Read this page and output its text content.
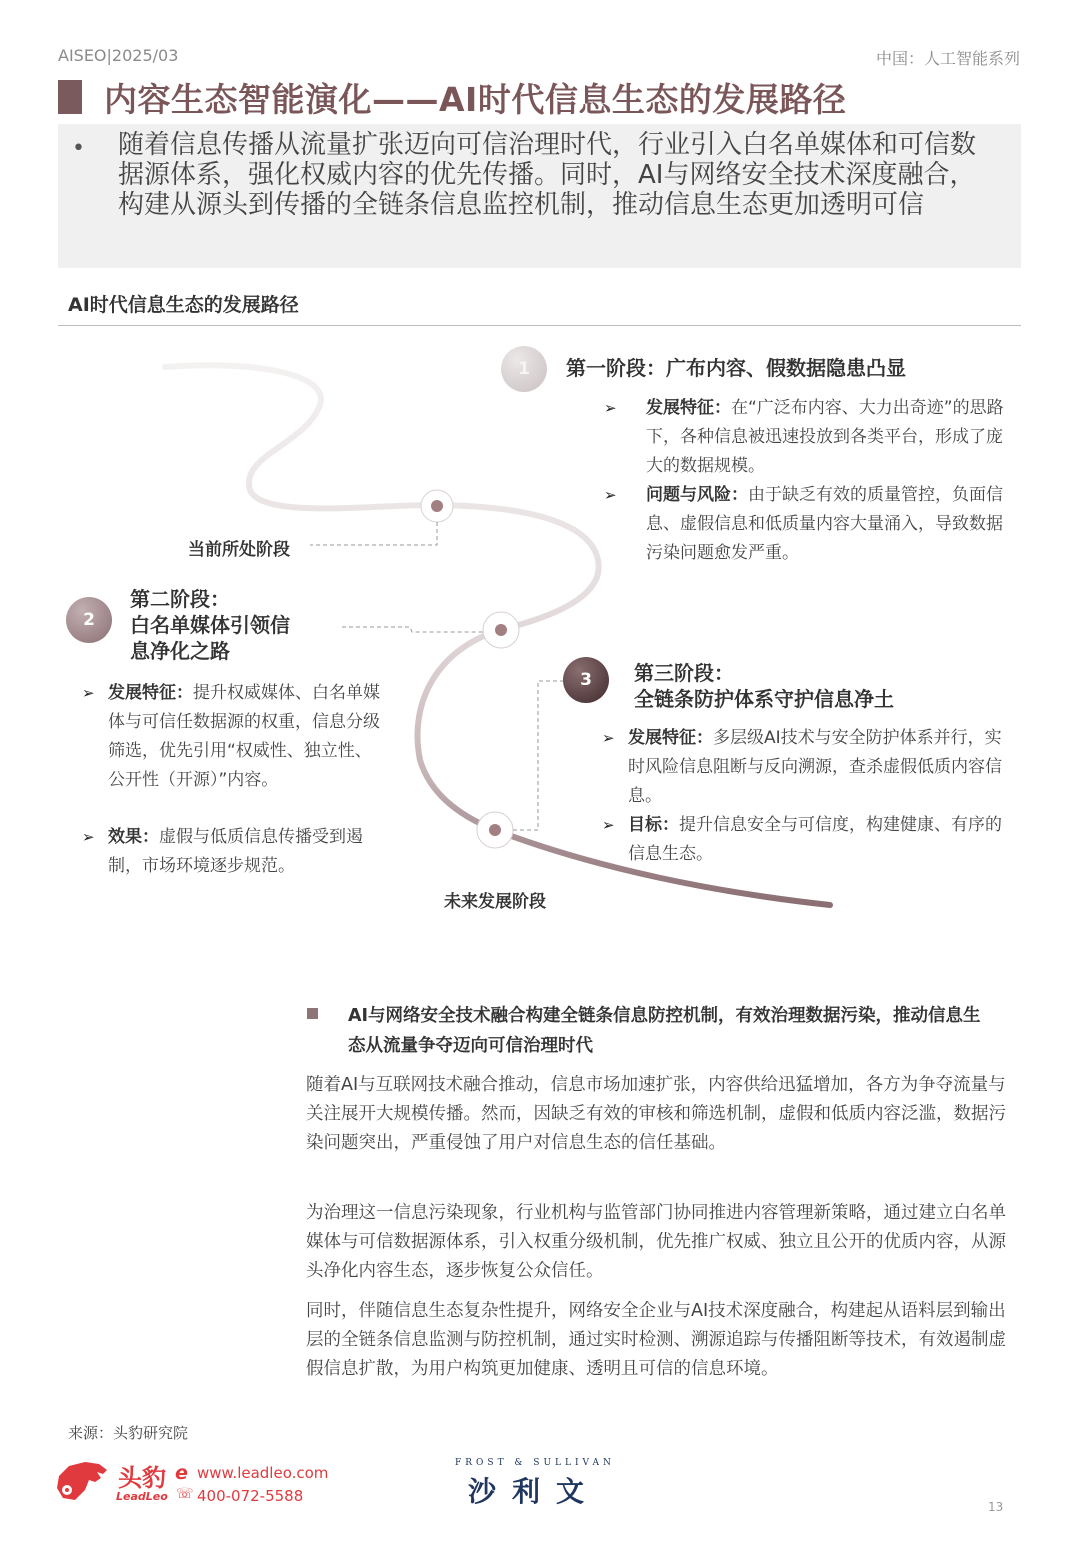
AISEO|2025/03	中国：人工智能系列
内容生态智能演化——AI时代信息生态的发展路径
• 随着信息传播从流量扩张迈向可信治理时代，行业引入白名单媒体和可信数据源体系，强化权威内容的优先传播。同时，AI与网络安全技术深度融合，构建从源头到传播的全链条信息监控机制，推动信息生态更加透明可信
AI时代信息生态的发展路径
当前所处阶段
未来发展阶段
1	第一阶段：广布内容、假数据隐患凸显
➢	发展特征：在“广泛布内容、大力出奇迹”的思路下，各种信息被迅速投放到各类平台，形成了庞大的数据规模。
➢	问题与风险：由于缺乏有效的质量管控，负面信息、虚假信息和低质量内容大量涌入，导致数据污染问题愈发严重。
2
第二阶段：
白名单媒体引领信
息净化之路
➢ 发展特征：提升权威媒体、白名单媒体与可信任数据源的权重，信息分级筛选，优先引用“权威性、独立性、公开性（开源）”内容。
➢ 效果：虚假与低质信息传播受到遏制，市场环境逐步规范。
3	第三阶段：
全链条防护体系守护信息净土
➢ 发展特征：多层级AI技术与安全防护体系并行，实时风险信息阻断与反向溯源，查杀虚假低质内容信息。
➢ 目标：提升信息安全与可信度，构建健康、有序的信息生态。
AI与网络安全技术融合构建全链条信息防控机制，有效治理数据污染，推动信息生态从流量争夺迈向可信治理时代
随着AI与互联网技术融合推动，信息市场加速扩张，内容供给迅猛增加，各方为争夺流量与关注展开大规模传播。然而，因缺乏有效的审核和筛选机制，虚假和低质内容泛滥，数据污染问题突出，严重侵蚀了用户对信息生态的信任基础。
为治理这一信息污染现象，行业机构与监管部门协同推进内容管理新策略，通过建立白名单媒体与可信数据源体系，引入权重分级机制，优先推广权威、独立且公开的优质内容，从源头净化内容生态，逐步恢复公众信任。
同时，伴随信息生态复杂性提升，网络安全企业与AI技术深度融合，构建起从语料层到输出层的全链条信息监测与防控机制，通过实时检测、溯源追踪与传播阻断等技术，有效遏制虚假信息扩散，为用户构筑更加健康、透明且可信的信息环境。
来源：头豹研究院
头豹
LeadLeo
e www.leadleo.com
☏ 400-072-5588
FROST & SULLIVAN
沙利文	13
